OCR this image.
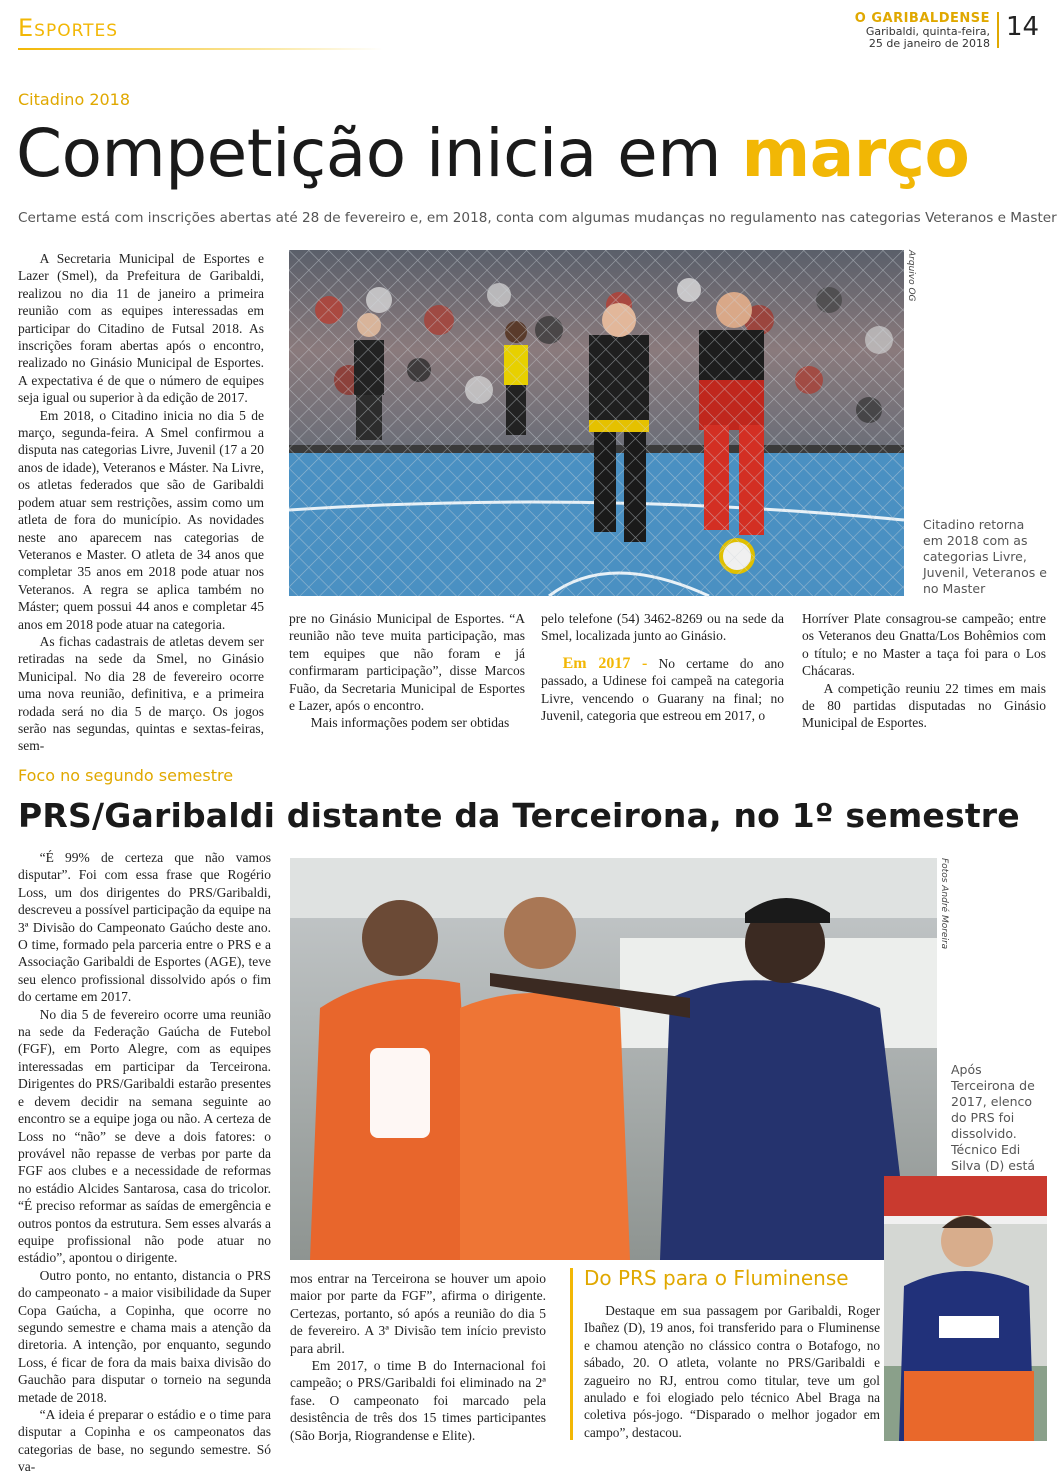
Esportes	O GARIBALDENSE
Garibaldi, quinta-feira,
25 de janeiro de 2018
14
Citadino 2018
Competição inicia em março
Certame está com inscrições abertas até 28 de fevereiro e, em 2018, conta com algumas mudanças no regulamento nas categorias Veteranos e Master

A Secretaria Municipal de Esportes e Lazer (Smel), da Prefeitura de Garibaldi, realizou no dia 11 de janeiro a primeira reunião com as equipes interessadas em participar do Citadino de Futsal 2018. As inscrições foram abertas após o encontro, realizado no Ginásio Municipal de Esportes. A expectativa é de que o número de equipes seja igual ou superior à da edição de 2017.

Em 2018, o Citadino inicia no dia 5 de março, segunda-feira. A Smel confirmou a disputa nas categorias Livre, Juvenil (17 a 20 anos de idade), Veteranos e Máster. Na Livre, os atletas federados que são de Garibaldi podem atuar sem restrições, assim como um atleta de fora do município. As novidades neste ano aparecem nas categorias de Veteranos e Master. O atleta de 34 anos que completar 35 anos em 2018 pode atuar nos Veteranos. A regra se aplica também no Máster; quem possui 44 anos e completar 45 anos em 2018 pode atuar na categoria.

As fichas cadastrais de atletas devem ser retiradas na sede da Smel, no Ginásio Municipal. No dia 28 de fevereiro ocorre uma nova reunião, definitiva, e a primeira rodada será no dia 5 de março. Os jogos serão nas segundas, quintas e sextas-feiras, sem-

Arquivo OG
Citadino retorna em 2018 com as categorias Livre, Juvenil, Veteranos e no Master

pre no Ginásio Municipal de Esportes. “A reunião não teve muita participação, mas tem equipes que não foram e já confirmaram participação”, disse Marcos Fuão, da Secretaria Municipal de Esportes e Lazer, após o encontro.

Mais informações podem ser obtidas

pelo telefone (54) 3462-8269 ou na sede da Smel, localizada junto ao Ginásio.

Em 2017 - No certame do ano passado, a Udinese foi campeã na categoria Livre, vencendo o Guarany na final; no Juvenil, categoria que estreou em 2017, o

Horríver Plate consagrou-se campeão; entre os Veteranos deu Gnatta/Los Bohêmios com o título; e no Master a taça foi para o Los Chácaras.

A competição reuniu 22 times em mais de 80 partidas disputadas no Ginásio Municipal de Esportes.

Foco no segundo semestre
PRS/Garibaldi distante da Terceirona, no 1º semestre

“É 99% de certeza que não vamos disputar”. Foi com essa frase que Rogério Loss, um dos dirigentes do PRS/Garibaldi, descreveu a possível participação da equipe na 3ª Divisão do Campeonato Gaúcho deste ano. O time, formado pela parceria entre o PRS e a Associação Garibaldi de Esportes (AGE), teve seu elenco profissional dissolvido após o fim do certame em 2017.

No dia 5 de fevereiro ocorre uma reunião na sede da Federação Gaúcha de Futebol (FGF), em Porto Alegre, com as equipes interessadas em participar da Terceirona. Dirigentes do PRS/Garibaldi estarão presentes e devem decidir na semana seguinte ao encontro se a equipe joga ou não. A certeza de Loss no “não” se deve a dois fatores: o provável não repasse de verbas por parte da FGF aos clubes e a necessidade de reformas no estádio Alcides Santarosa, casa do tricolor. “É preciso reformar as saídas de emergência e outros pontos da estrutura. Sem esses alvarás a equipe profissional não pode atuar no estádio”, apontou o dirigente.

Outro ponto, no entanto, distancia o PRS do campeonato - a maior visibilidade da Super Copa Gaúcha, a Copinha, que ocorre no segundo semestre e chama mais a atenção da diretoria. A intenção, por enquanto, segundo Loss, é ficar de fora da mais baixa divisão do Gauchão para disputar o torneio na segunda metade de 2018.

“A ideia é preparar o estádio e o time para disputar a Copinha e os campeonatos das categorias de base, no segundo semestre. Só va-

Fotos André Moreira
Após Terceirona de 2017, elenco do PRS foi dissolvido. Técnico Edi Silva (D) está

mos entrar na Terceirona se houver um apoio maior por parte da FGF”, afirma o dirigente. Certezas, portanto, só após a reunião do dia 5 de fevereiro. A 3ª Divisão tem início previsto para abril.

Em 2017, o time B do Internacional foi campeão; o PRS/Garibaldi foi eliminado na 2ª fase. O campeonato foi marcado pela desistência de três dos 15 times participantes (São Borja, Riograndense e Elite).

Do PRS para o Fluminense

Destaque em sua passagem por Garibaldi, Roger Ibañez (D), 19 anos, foi transferido para o Fluminense e chamou atenção no clássico contra o Botafogo, no sábado, 20. O atleta, volante no PRS/Garibaldi e zagueiro no RJ, entrou como titular, teve um gol anulado e foi elogiado pelo técnico Abel Braga na coletiva pós-jogo. “Disparado o melhor jogador em campo”, destacou.
